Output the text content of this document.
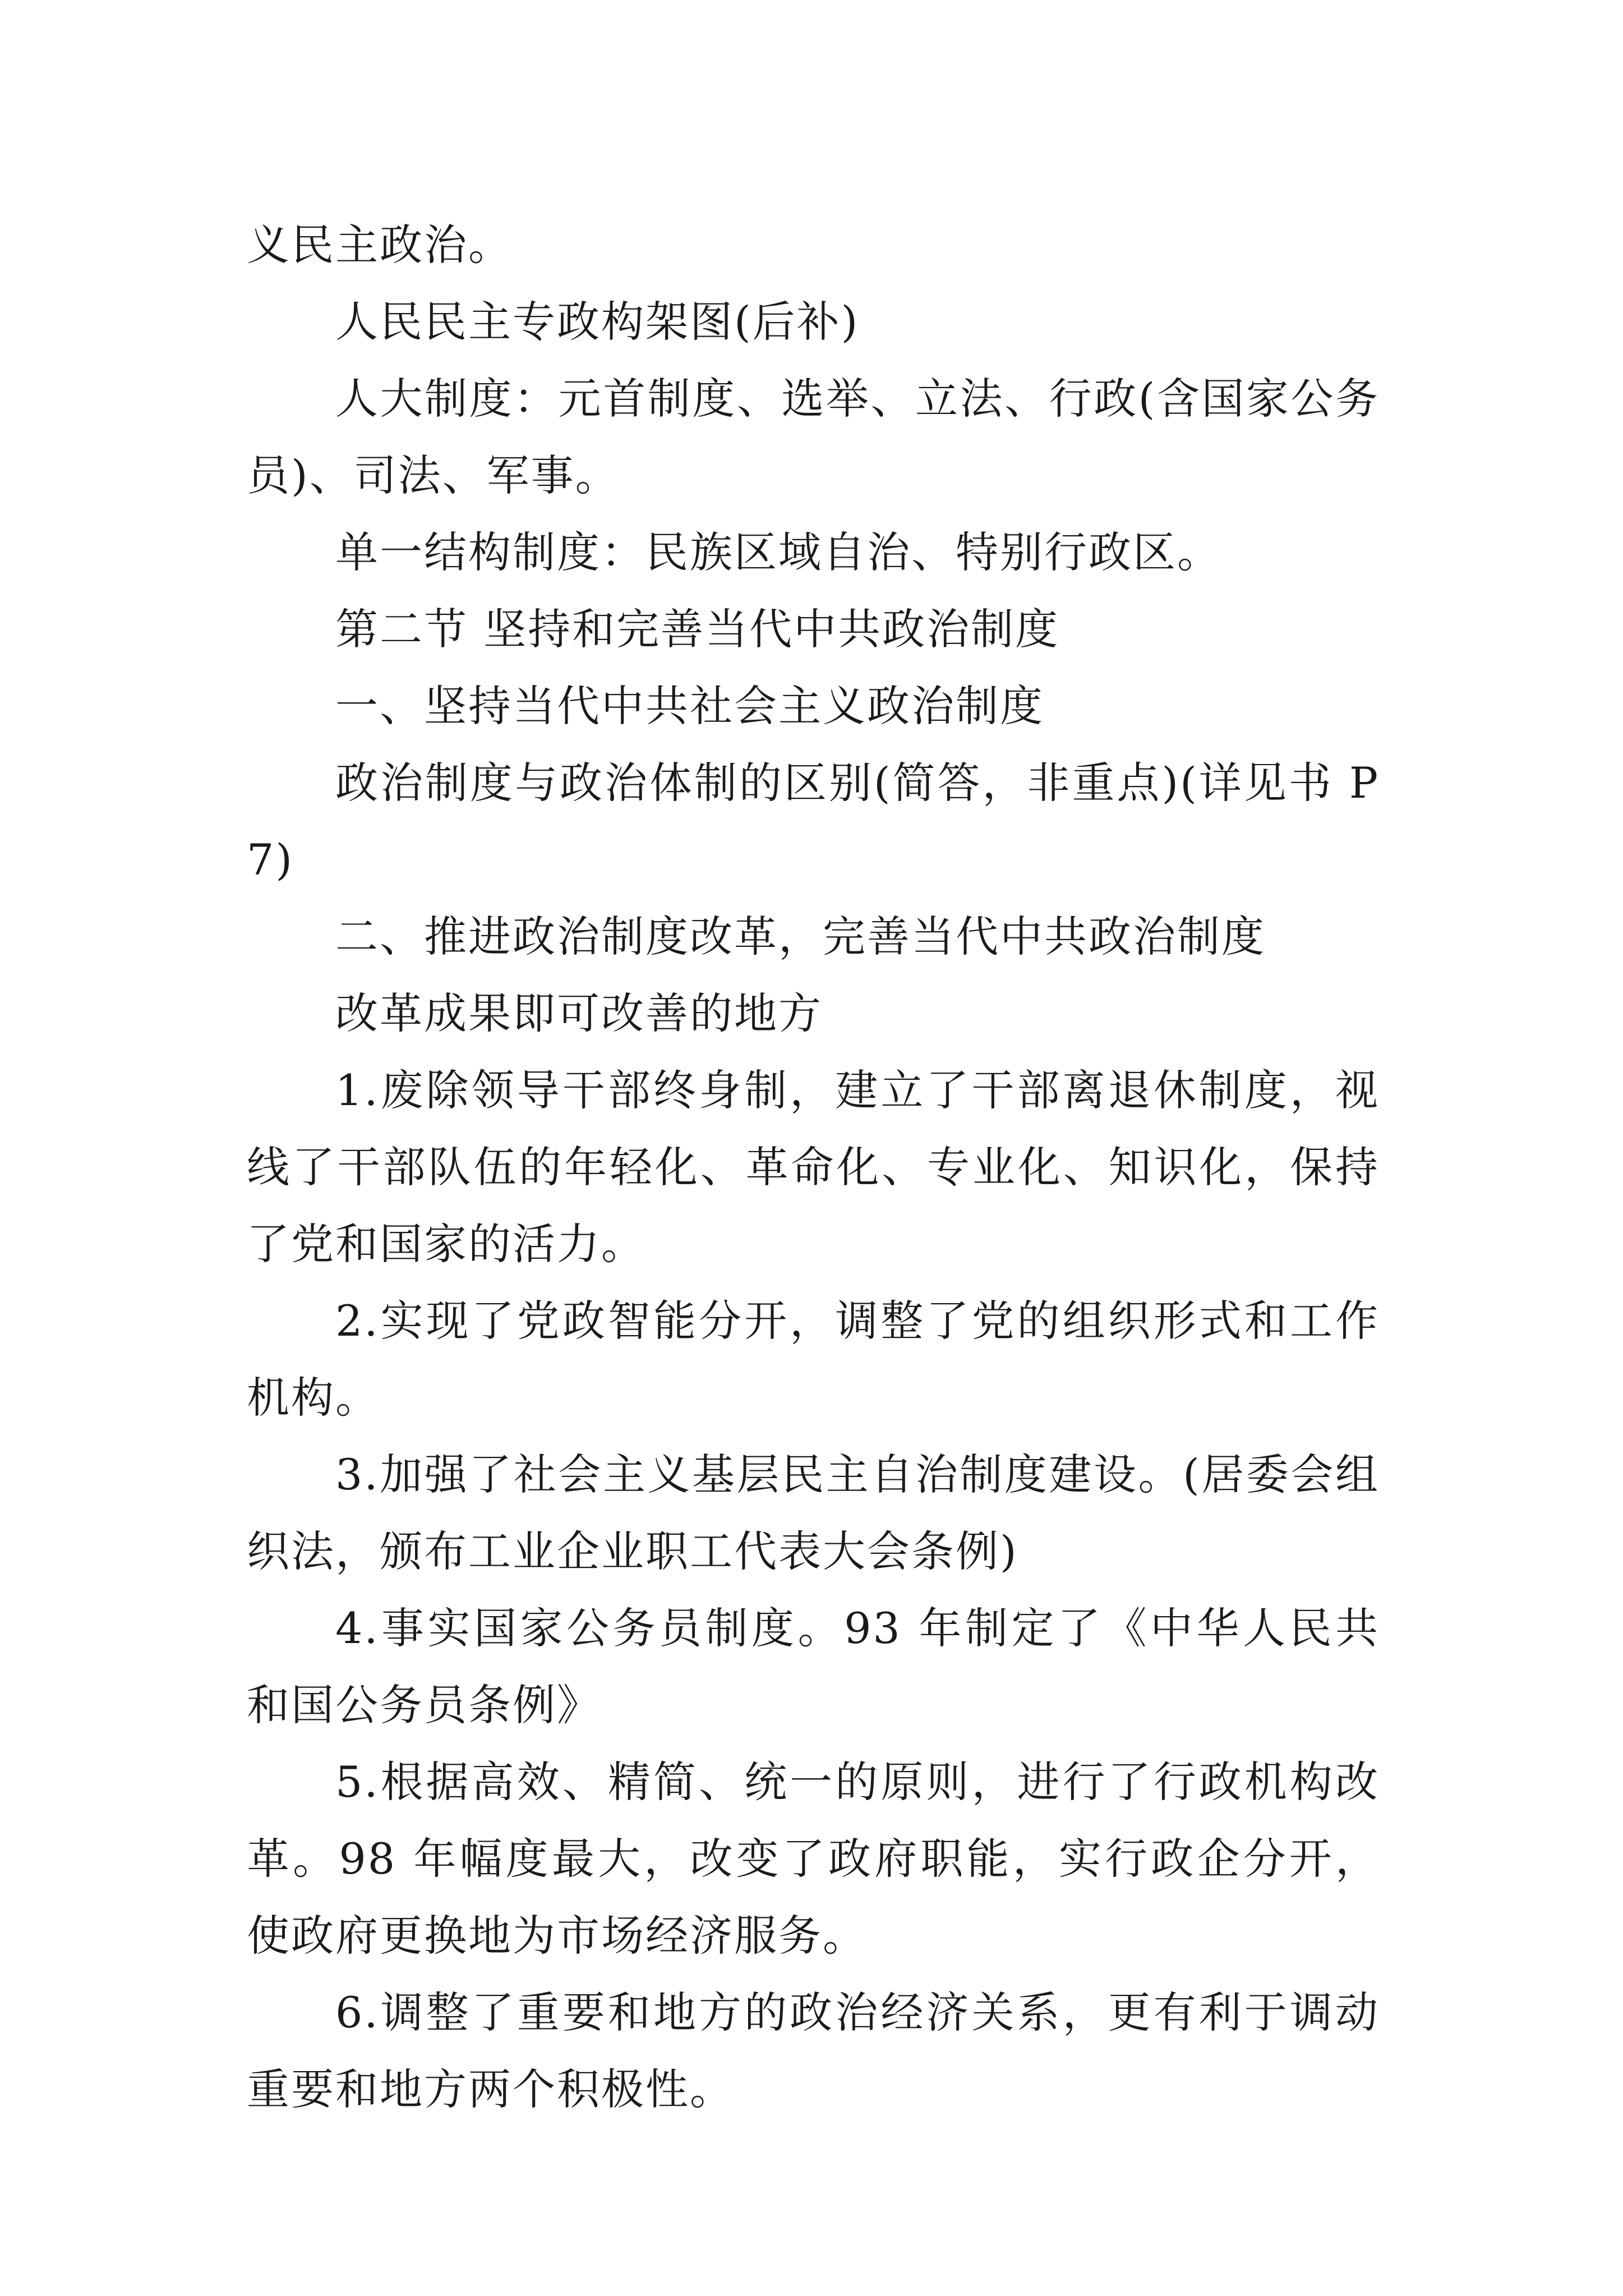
义民主政治。

人民民主专政构架图(后补)

人大制度：元首制度、选举、立法、行政(含国家公务员)、司法、军事。

单一结构制度：民族区域自治、特别行政区。

第二节 坚持和完善当代中共政治制度

一、坚持当代中共社会主义政治制度

政治制度与政治体制的区别(简答，非重点)(详见书 P7)

二、推进政治制度改革，完善当代中共政治制度

改革成果即可改善的地方

1.废除领导干部终身制，建立了干部离退休制度，视线了干部队伍的年轻化、革命化、专业化、知识化，保持了党和国家的活力。

2.实现了党政智能分开，调整了党的组织形式和工作机构。

3.加强了社会主义基层民主自治制度建设。(居委会组织法，颁布工业企业职工代表大会条例)

4.事实国家公务员制度。93 年制定了《中华人民共和国公务员条例》

5.根据高效、精简、统一的原则，进行了行政机构改革。98 年幅度最大，改变了政府职能，实行政企分开，使政府更换地为市场经济服务。

6.调整了重要和地方的政治经济关系，更有利于调动重要和地方两个积极性。
